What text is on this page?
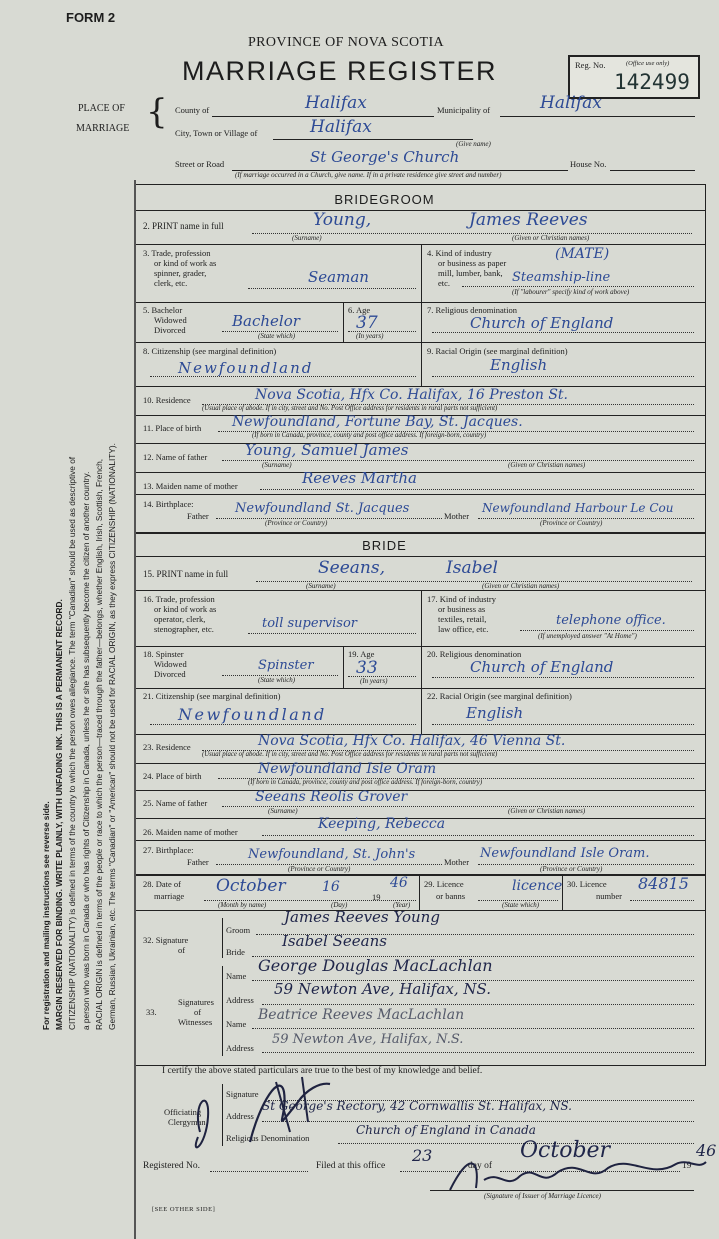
For registration and mailing instructions see reverse side. MARGIN RESERVED FOR BINDING. WRITE PLAINLY, WITH UNFADING INK. THIS IS A PERMANENT RECORD. CITIZENSHIP (NATIONALITY) is defined in terms of the country to which the person owes allegiance. The term "Canadian" should be used as descriptive of a person who was born in Canada or who has rights of Citizenship in Canada, unless he or she has subsequently become the citizen of another country. RACIAL ORIGIN is defined in terms of the people or race to which the person—traced through the father—belongs, whether English, Irish, Scottish, French, German, Russian, Ukrainian, etc. The terms "Canadian" or "American" should not be used for RACIAL ORIGIN, as they express CITIZENSHIP (NATIONALITY).
FORM 2
PROVINCE OF NOVA SCOTIA
MARRIAGE REGISTER	Reg. No.	(Office use only)
142499
PLACE OF
MARRIAGE { County of	Halifax	Municipality of	Halifax
City, Town or Village of	Halifax
(Give name)
Street or Road	St George's Church	House No.
(If marriage occurred in a Church, give name. If in a private residence give street and number)
BRIDEGROOM
2. PRINT name in full	Young,	James Reeves
(Surname)	(Given or Christian names)
3. Trade, profession
or kind of work as
spinner, grader,
clerk, etc.	Seaman
4. Kind of industry
or business as paper
mill, lumber, bank,
etc.
(MATE)
Steamship-line
(If "labourer" specify kind of work above)
5. Bachelor
Widowed
Divorced	Bachelor
(State which)
6. Age
37
(In years)
7. Religious denomination
Church of England
8. Citizenship (see marginal definition)
Newfoundland
9. Racial Origin (see marginal definition)
English
10. Residence	Nova Scotia, Hfx Co. Halifax, 16 Preston St.
(Usual place of abode. If in city, street and No. Post Office address for residents in rural parts not sufficient)
11. Place of birth Newfoundland, Fortune Bay, St. Jacques.
(If born in Canada, province, county and post office address. If foreign-born, country)
12. Name of father	Young, Samuel James
(Surname)	(Given or Christian names)
13. Maiden name of mother	Reeves Martha
14. Birthplace:
Father Newfoundland St. Jacques
(Province or Country)
Mother
Newfoundland Harbour Le Cou
(Province or Country)
BRIDE
15. PRINT name in full	Seeans,	Isabel
(Surname)	(Given or Christian names)
16. Trade, profession
or kind of work as
operator, clerk,
stenographer, etc.	toll supervisor
17. Kind of industry
or business as
textiles, retail,
law office, etc.
telephone office.
(If unemployed answer "At Home")
18. Spinster
Widowed
Divorced
Spinster
(State which)
19. Age
33
(In years)
20. Religious denomination
Church of England
21. Citizenship (see marginal definition)
Newfoundland
22. Racial Origin (see marginal definition)
English
23. Residence	Nova Scotia, Hfx Co. Halifax, 46 Vienna St.
(Usual place of abode. If in city, street and No. Post Office address for residents in rural parts not sufficient)
24. Place of birth	Newfoundland Isle Oram
(If born in Canada, province, county and post office address. If foreign-born, country)
25. Name of father	Seeans Reolis Grover
(Surname)	(Given or Christian names)
26. Maiden name of mother	Keeping, Rebecca
27. Birthplace:
Father	Newfoundland, St. John's
(Province or Country)
Mother
Newfoundland Isle Oram.
(Province or Country)
28. Date of
marriage October	16
19
46
(Month by name)	(Day)	(Year)
29. Licence
or banns
licence
(State which)
30. Licence
number
84815
32. Signature
of
Groom
James Reeves Young
Bride
Isabel Seeans
Signatures
of
Witnesses
33.
Name
George Douglas MacLachlan
Address
59 Newton Ave, Halifax, NS.
Name
Beatrice Reeves MacLachlan
Address
59 Newton Ave, Halifax, N.S.
I certify the above stated particulars are true to the best of my knowledge and belief.
Officiating
Clergyman
Signature
Address
St George's Rectory, 42 Cornwallis St. Halifax, NS.
Religious Denomination
Church of England in Canada
Registered No.	Filed at this office
23
day of
October
19
46
(Signature of Issuer of Marriage Licence)
[SEE OTHER SIDE]
